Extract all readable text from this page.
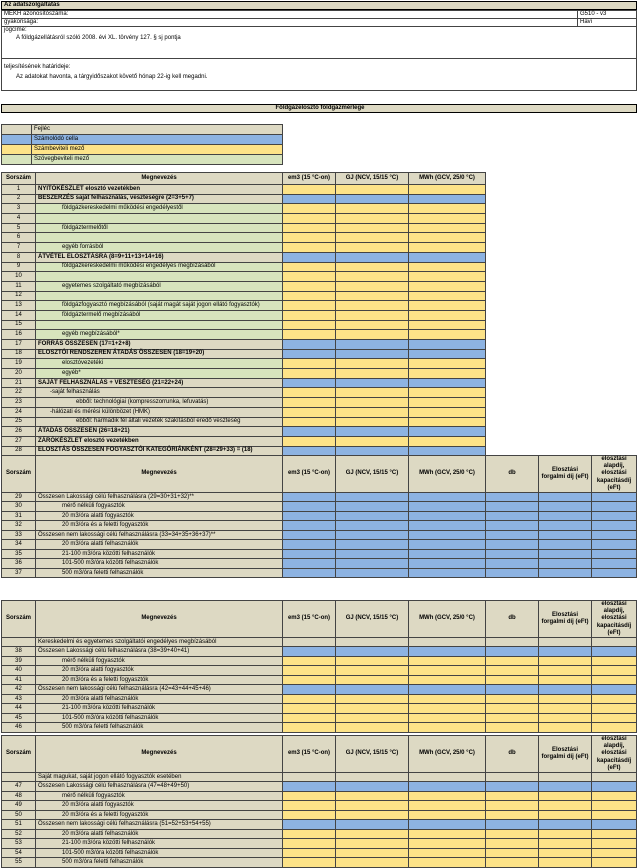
Az adatszolgáltatás
MEKH azonosítószáma:	G510 - v3
gyakorisága:	Havi

jogcíme:
A földgázellátásról szóló 2008. évi XL. törvény 127. § sj pontja	

teljesítésének határideje:
Az adatokat havonta, a tárgyidőszakot követő hónap 22-ig kell megadni.	
Földgázelosztó földgázmérlege
	Fejléc
	Számolódó cella
	Számbeviteli mező
	Szövegbeviteli mező
Sorszám	Megnevezés	em3 (15 °C-on)	GJ (NCV, 15/15 °C)	MWh (GCV, 25/0 °C)	
1	NYITÓKÉSZLET elosztó vezetékben				
2	BESZERZÉS saját felhasználás, veszteségre (2=3+5+7)				
3	földgázkereskedelmi működési engedélyestől				
4					
5	földgáztermelőtől				
6					
7	egyéb forrásból				
8	ÁTVÉTEL ELOSZTÁSRA (8=9+11+13+14+16)				
9	földgázkereskedelmi működési engedélyes megbízásából				
10					
11	egyetemes szolgáltató megbízásából				
12					
13	földgázfogyasztó megbízásából (saját magát saját jogon ellátó fogyasztók)				
14	földgáztermelő megbízásából				
15					
16	egyéb megbízásából*				
17	FORRÁS ÖSSZESEN (17=1+2+8)				
18	ELOSZTÓI RENDSZEREN ÁTADÁS ÖSSZESEN (18=19+20)				
19	elosztóvezetéki				
20	egyéb*				
21	SAJÁT FELHASZNÁLÁS + VESZTESÉG (21=22+24)				
22	-saját felhasználás				
23	ebből: technológiai (kompresszorrunka, lefuvatás)				
24	-hálózati és mérési különbözet (HMK)				
25	ebből: harmadik fél általi vezeték szakításból eredő veszteség				
26	ÁTADÁS ÖSSZESEN (26=18+21)				
27	ZÁRÓKÉSZLET elosztó vezetékben				
28	ELOSZTÁS ÖSSZESEN FOGYASZTÓI KATEGÓRIÁNKÉNT (28=29+33) = (18)				
Sorszám	Megnevezés	em3 (15 °C-on)	GJ (NCV, 15/15 °C)	MWh (GCV, 25/0 °C)	db	Elosztási forgalmi díj (eFt)	elosztási alapdíj, elosztási kapacitásdíj (eFt)
29	Összesen Lakossági célú felhasználásra (29=30+31+32)**						
30	mérő nélküli fogyasztók						
31	20 m3/óra alatti fogyasztók						
32	20 m3/óra és a feletti fogyasztók						
33	Összesen nem lakossági célú felhasználásra (33=34+35+36+37)**						
34	20 m3/óra alatti felhasználók						
35	21-100 m3/óra közötti felhasználók						
36	101-500 m3/óra közötti felhasználók						
37	500 m3/óra feletti felhasználók						
Sorszám	Megnevezés	em3 (15 °C-on)	GJ (NCV, 15/15 °C)	MWh (GCV, 25/0 °C)	db	Elosztási forgalmi díj (eFt)	elosztási alapdíj, elosztási kapacitásdíj (eFt)
	Kereskedelmi és egyetemes szolgáltatói engedélyes megbízásából						
38	Összesen Lakossági célú felhasználásra (38=39+40+41)						
39	mérő nélküli fogyasztók						
40	20 m3/óra alatti fogyasztók						
41	20 m3/óra és a feletti fogyasztók						
42	Összesen nem lakossági célú felhasználásra (42=43+44+45+46)						
43	20 m3/óra alatti felhasználók						
44	21-100 m3/óra közötti felhasználók						
45	101-500 m3/óra közötti felhasználók						
46	500 m3/óra feletti felhasználók						
Sorszám	Megnevezés	em3 (15 °C-on)	GJ (NCV, 15/15 °C)	MWh (GCV, 25/0 °C)	db	Elosztási forgalmi díj (eFt)	elosztási alapdíj, elosztási kapacitásdíj (eFt)
	Saját magukat, saját jogon ellátó fogyasztók esetében						
47	Összesen Lakossági célú felhasználásra (47=48+49+50)						
48	mérő nélküli fogyasztók						
49	20 m3/óra alatti fogyasztók						
50	20 m3/óra és a feletti fogyasztók						
51	Összesen nem lakossági célú felhasználásra (51=52+53+54+55)						
52	20 m3/óra alatti felhasználók						
53	21-100 m3/óra közötti felhasználók						
54	101-500 m3/óra közötti felhasználók						
55	500 m3/óra feletti felhasználók						
